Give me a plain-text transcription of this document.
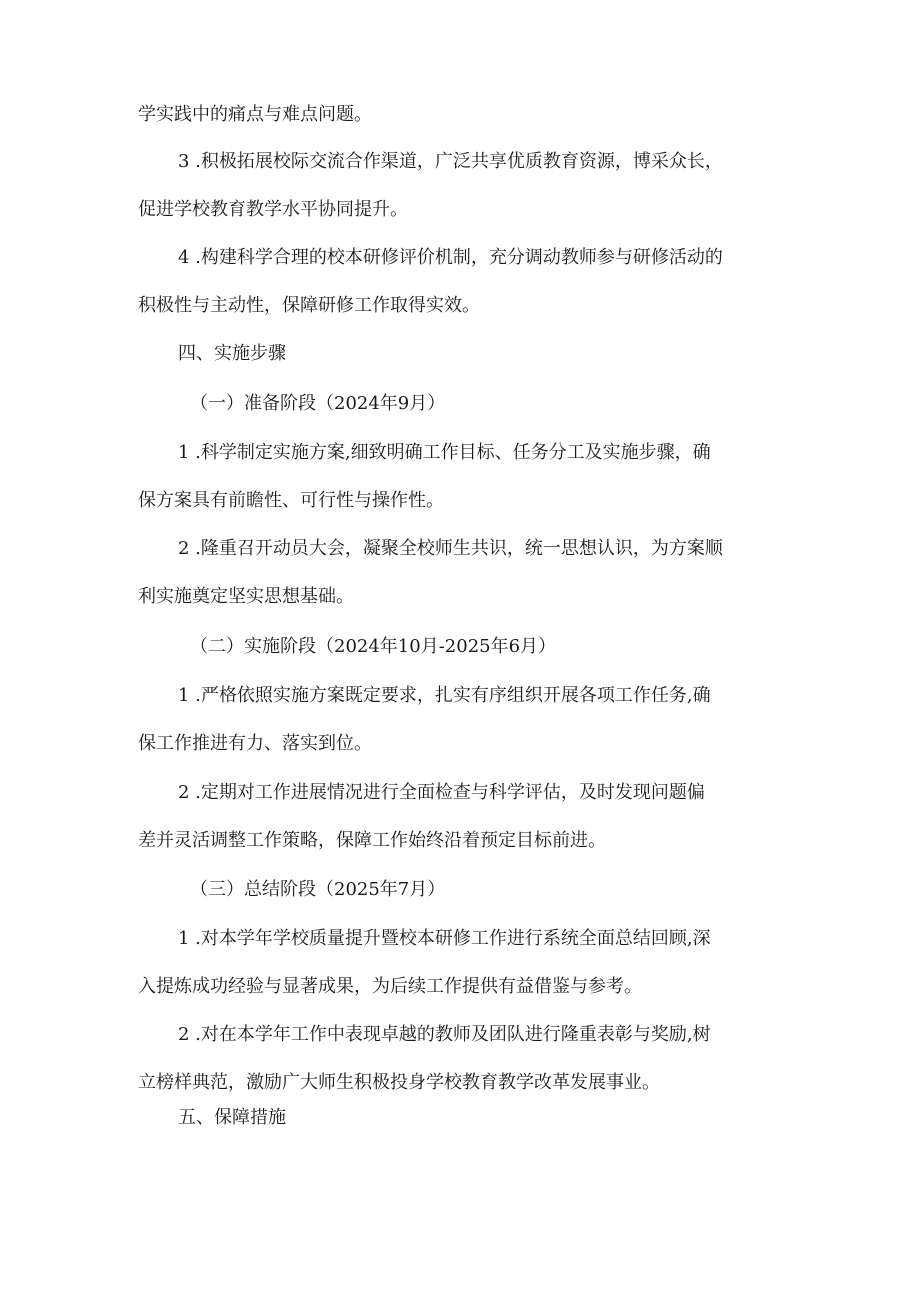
学实践中的痛点与难点问题。

3 .积极拓展校际交流合作渠道，广泛共享优质教育资源，博采众长，

促进学校教育教学水平协同提升。

4 .构建科学合理的校本研修评价机制，充分调动教师参与研修活动的

积极性与主动性，保障研修工作取得实效。

四、实施步骤

（一）准备阶段（2024年9月）

1 .科学制定实施方案,细致明确工作目标、任务分工及实施步骤，确

保方案具有前瞻性、可行性与操作性。

2 .隆重召开动员大会，凝聚全校师生共识，统一思想认识，为方案顺

利实施奠定坚实思想基础。

（二）实施阶段（2024年10月-2025年6月）

1 .严格依照实施方案既定要求，扎实有序组织开展各项工作任务,确

保工作推进有力、落实到位。

2 .定期对工作进展情况进行全面检查与科学评估，及时发现问题偏

差并灵活调整工作策略，保障工作始终沿着预定目标前进。

（三）总结阶段（2025年7月）

1 .对本学年学校质量提升暨校本研修工作进行系统全面总结回顾,深

入提炼成功经验与显著成果，为后续工作提供有益借鉴与参考。

2 .对在本学年工作中表现卓越的教师及团队进行隆重表彰与奖励,树

立榜样典范，激励广大师生积极投身学校教育教学改革发展事业。

五、保障措施
